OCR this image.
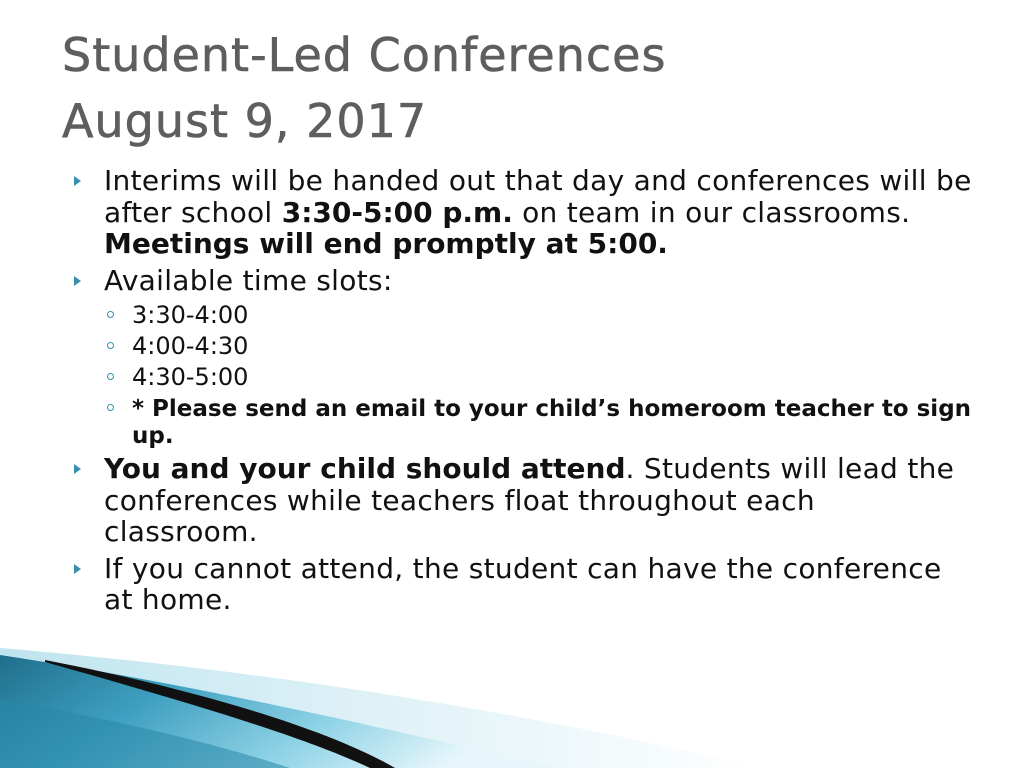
Student-Led Conferences
August 9, 2017
Interims will be handed out that day and conferences will be after school 3:30-5:00 p.m. on team in our classrooms. Meetings will end promptly at 5:00.
Available time slots:
3:30-4:00
4:00-4:30
4:30-5:00
* Please send an email to your child’s homeroom teacher to sign up.
You and your child should attend. Students will lead the conferences while teachers float throughout each classroom.
If you cannot attend, the student can have the conference at home.
